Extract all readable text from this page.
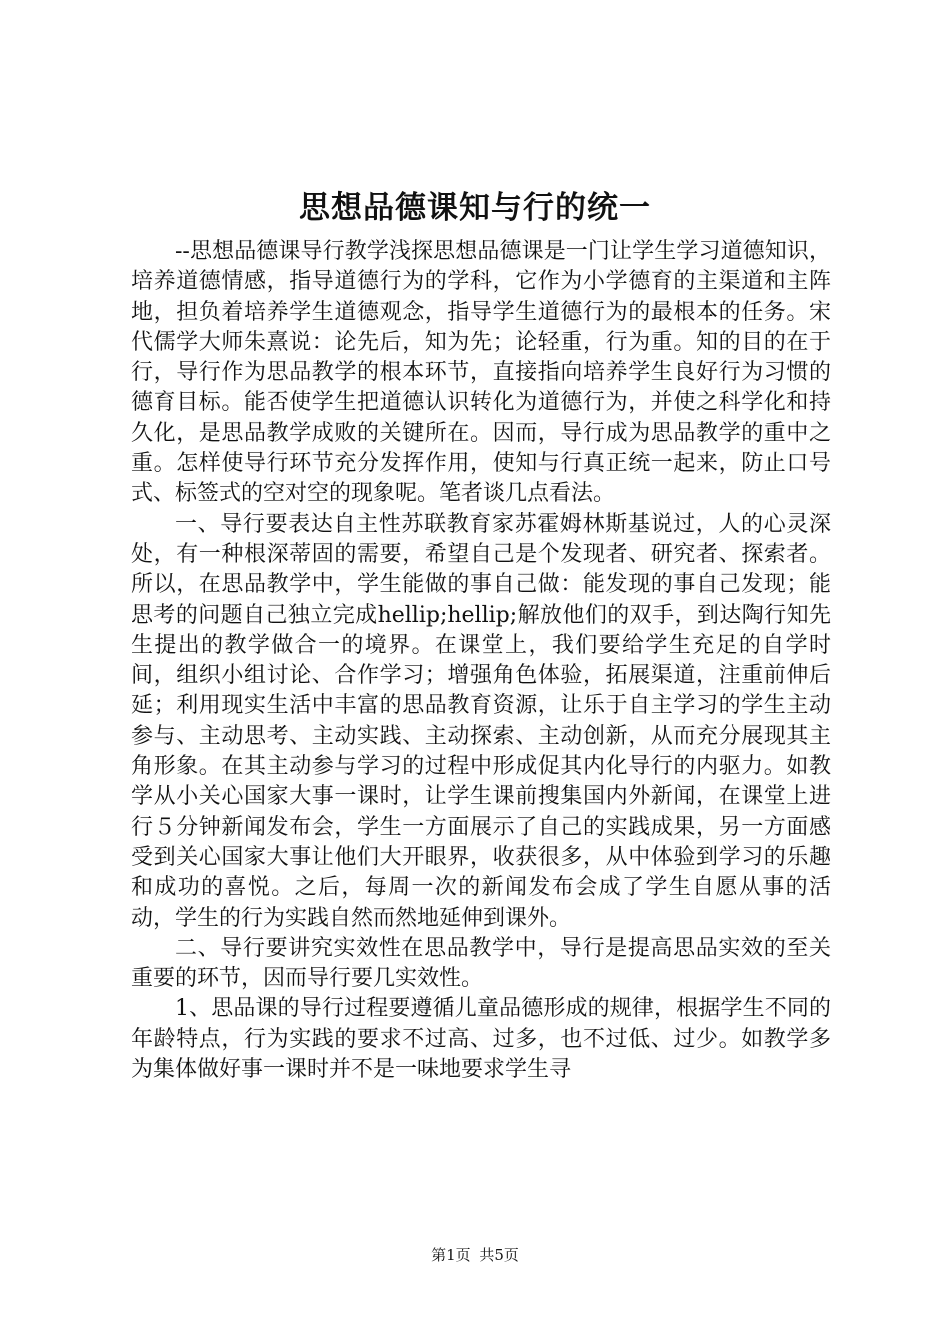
思想品德课知与行的统一

--思想品德课导行教学浅探思想品德课是一门让学生学习道德知识，培养道德情感，指导道德行为的学科，它作为小学德育的主渠道和主阵地，担负着培养学生道德观念，指导学生道德行为的最根本的任务。宋代儒学大师朱熹说：论先后，知为先；论轻重，行为重。知的目的在于行，导行作为思品教学的根本环节，直接指向培养学生良好行为习惯的德育目标。能否使学生把道德认识转化为道德行为，并使之科学化和持久化，是思品教学成败的关键所在。因而，导行成为思品教学的重中之重。怎样使导行环节充分发挥作用，使知与行真正统一起来，防止口号式、标签式的空对空的现象呢。笔者谈几点看法。

一、导行要表达自主性苏联教育家苏霍姆林斯基说过，人的心灵深处，有一种根深蒂固的需要，希望自己是个发现者、研究者、探索者。所以，在思品教学中，学生能做的事自己做：能发现的事自己发现；能思考的问题自己独立完成hellip;hellip;解放他们的双手，到达陶行知先生提出的教学做合一的境界。在课堂上，我们要给学生充足的自学时间，组织小组讨论、合作学习；增强角色体验，拓展渠道，注重前伸后延；利用现实生活中丰富的思品教育资源，让乐于自主学习的学生主动参与、主动思考、主动实践、主动探索、主动创新，从而充分展现其主角形象。在其主动参与学习的过程中形成促其内化导行的内驱力。如教学从小关心国家大事一课时，让学生课前搜集国内外新闻，在课堂上进行５分钟新闻发布会，学生一方面展示了自己的实践成果，另一方面感受到关心国家大事让他们大开眼界，收获很多，从中体验到学习的乐趣和成功的喜悦。之后，每周一次的新闻发布会成了学生自愿从事的活动，学生的行为实践自然而然地延伸到课外。

二、导行要讲究实效性在思品教学中，导行是提高思品实效的至关重要的环节，因而导行要几实效性。

1、思品课的导行过程要遵循儿童品德形成的规律，根据学生不同的年龄特点，行为实践的要求不过高、过多，也不过低、过少。如教学多为集体做好事一课时并不是一味地要求学生寻

第1页 共5页
